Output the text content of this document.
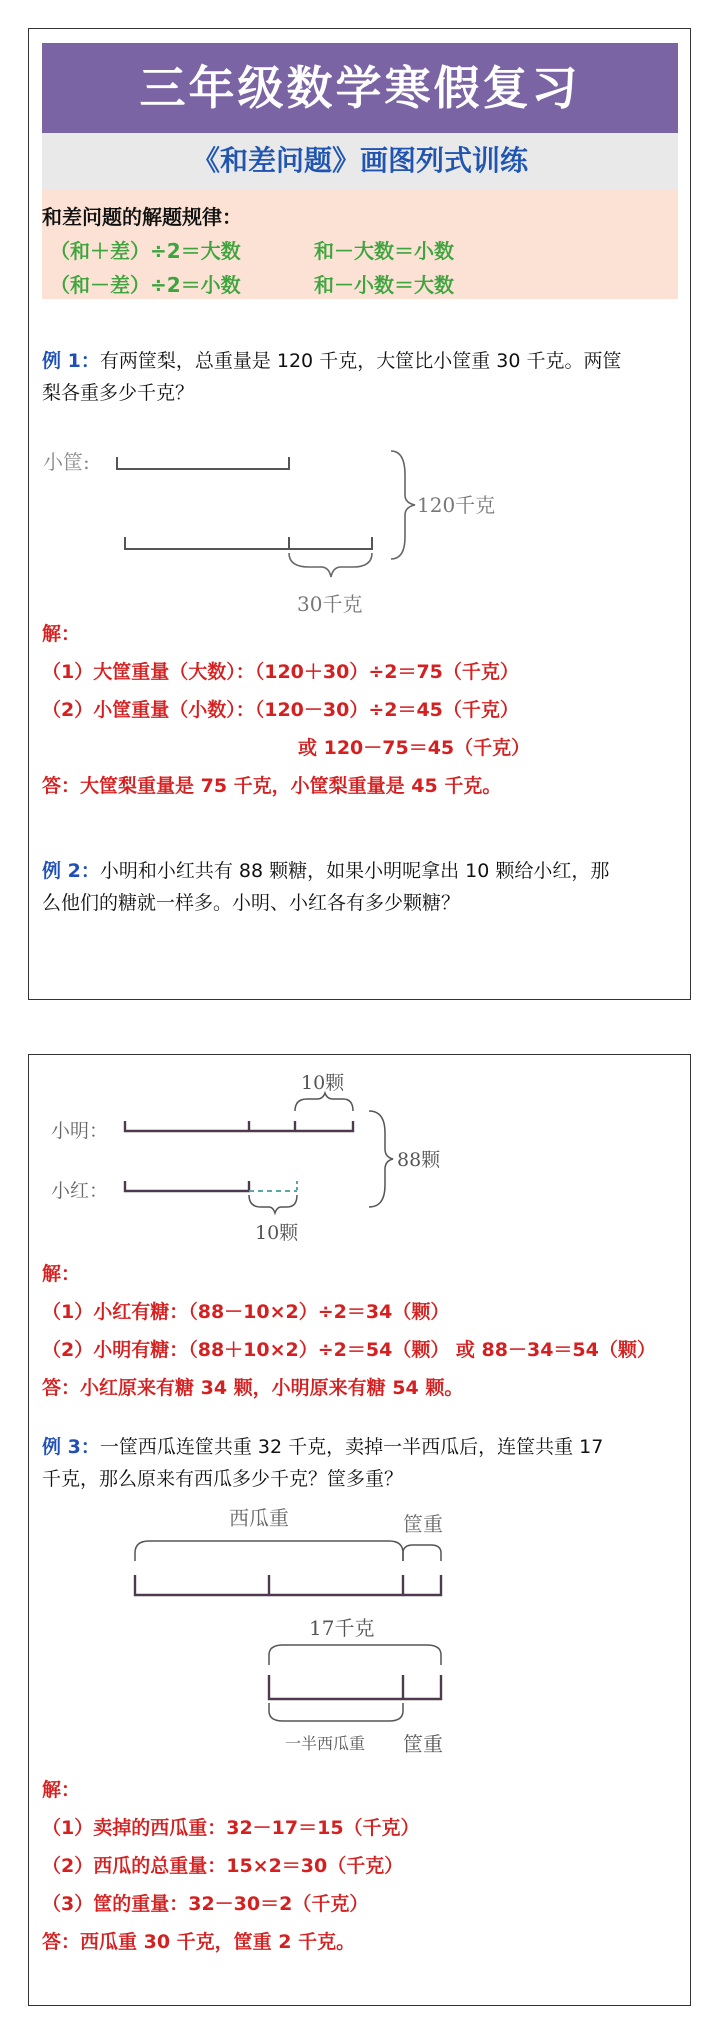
三年级数学寒假复习
《和差问题》画图列式训练
和差问题的解题规律：
（和＋差）÷2＝大数	和－大数＝小数
（和－差）÷2＝小数	和－小数＝大数
例 1：有两筐梨，总重量是 120 千克，大筐比小筐重 30 千克。两筐
梨各重多少千克？
小筐:
120千克
30千克
解：
（1）大筐重量（大数）：（120＋30）÷2＝75（千克）
（2）小筐重量（小数）：（120－30）÷2＝45（千克）
或 120－75＝45（千克）
答：大筐梨重量是 75 千克，小筐梨重量是 45 千克。
例 2：小明和小红共有 88 颗糖，如果小明呢拿出 10 颗给小红，那
么他们的糖就一样多。小明、小红各有多少颗糖？
10颗
小明：
小红：
10颗
88颗
解：
（1）小红有糖：（88－10×2）÷2＝34（颗）
（2）小明有糖：（88＋10×2）÷2＝54（颗） 或 88－34＝54（颗）
答：小红原来有糖 34 颗，小明原来有糖 54 颗。
例 3：一筐西瓜连筐共重 32 千克，卖掉一半西瓜后，连筐共重 17
千克，那么原来有西瓜多少千克？筐多重？
西瓜重	筐重
17千克
一半西瓜重 筐重
解：
（1）卖掉的西瓜重：32－17＝15（千克）
（2）西瓜的总重量：15×2＝30（千克）
（3）筐的重量：32－30＝2（千克）
答：西瓜重 30 千克，筐重 2 千克。
